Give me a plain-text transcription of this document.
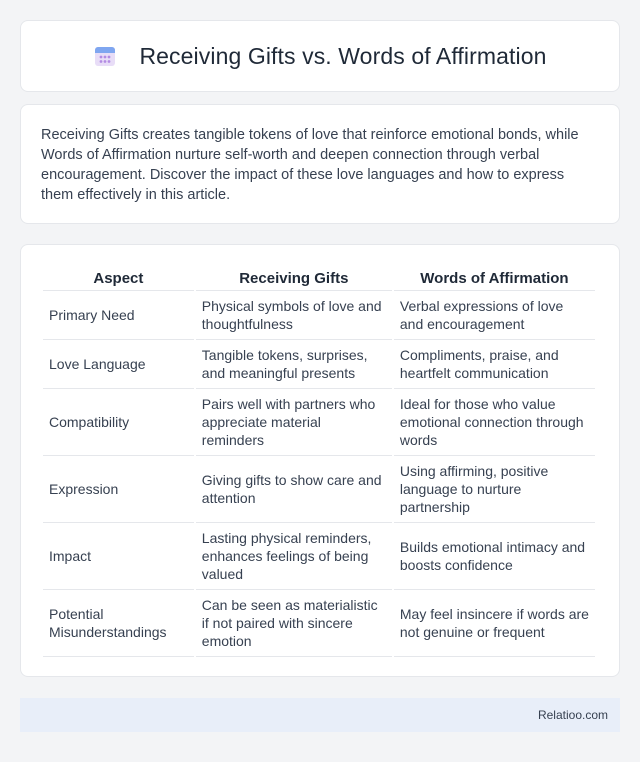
Receiving Gifts vs. Words of Affirmation

Receiving Gifts creates tangible tokens of love that reinforce emotional bonds, while Words of Affirmation nurture self-worth and deepen connection through verbal encouragement. Discover the impact of these love languages and how to express them effectively in this article.

Aspect	Receiving Gifts	Words of Affirmation
Primary Need	Physical symbols of love and thoughtfulness	Verbal expressions of love and encouragement
Love Language	Tangible tokens, surprises, and meaningful presents	Compliments, praise, and heartfelt communication
Compatibility	Pairs well with partners who appreciate material reminders	Ideal for those who value emotional connection through words
Expression	Giving gifts to show care and attention	Using affirming, positive language to nurture partnership
Impact	Lasting physical reminders, enhances feelings of being valued	Builds emotional intimacy and boosts confidence
Potential Misunderstandings	Can be seen as materialistic if not paired with sincere emotion	May feel insincere if words are not genuine or frequent
Relatioo.com
